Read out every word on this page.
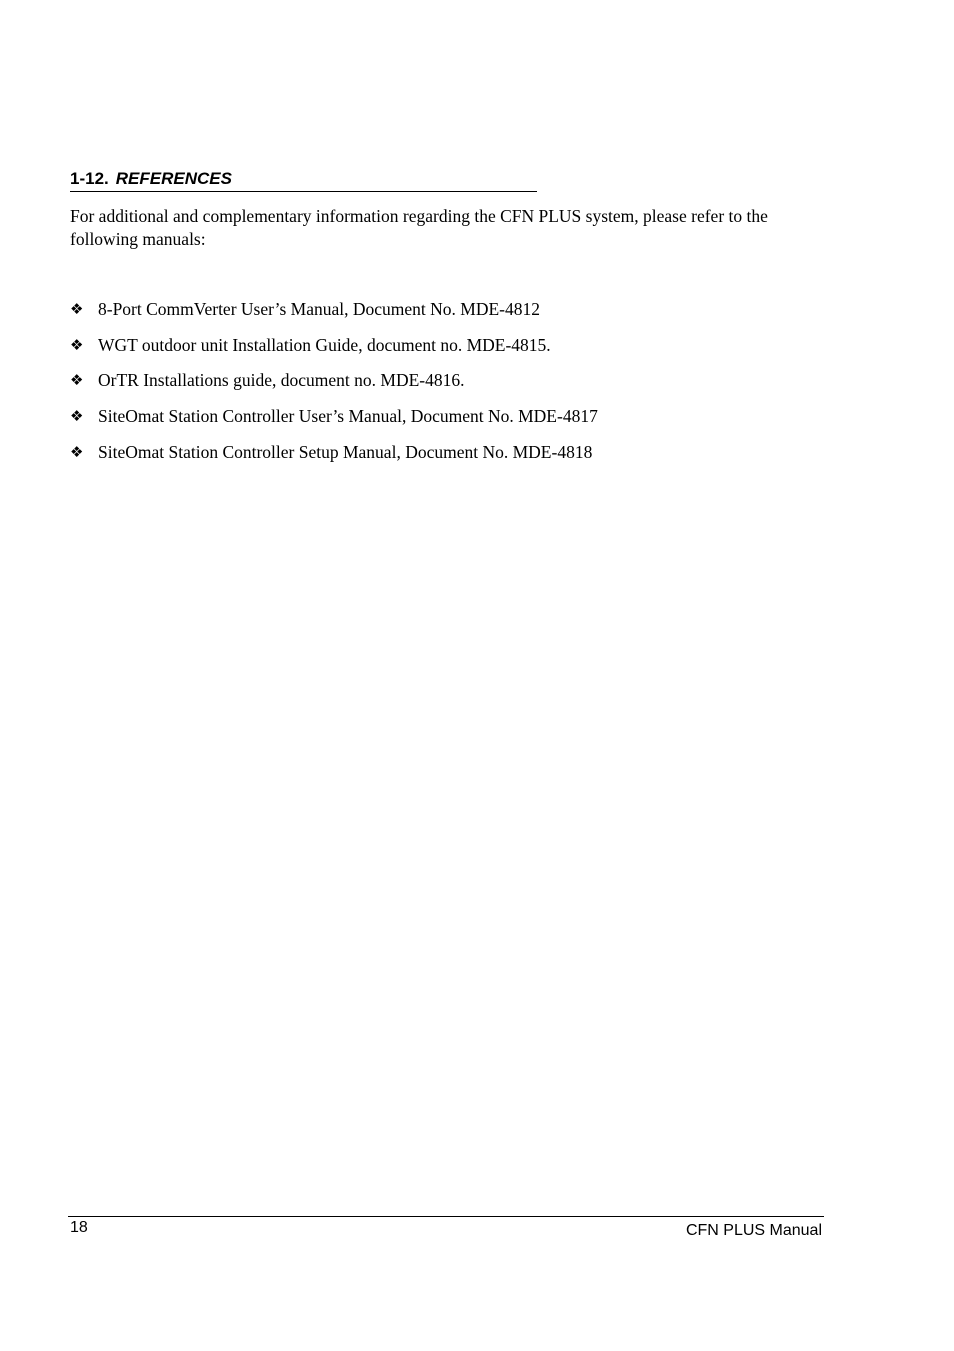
1-12. REFERENCES

For additional and complementary information regarding the CFN PLUS system, please refer to the following manuals:

❖ 8-Port CommVerter User’s Manual, Document No. MDE-4812
❖ WGT outdoor unit Installation Guide, document no. MDE-4815.
❖ OrTR Installations guide, document no. MDE-4816.
❖ SiteOmat Station Controller User’s Manual, Document No. MDE-4817
❖ SiteOmat Station Controller Setup Manual, Document No. MDE-4818
18	CFN PLUS Manual
